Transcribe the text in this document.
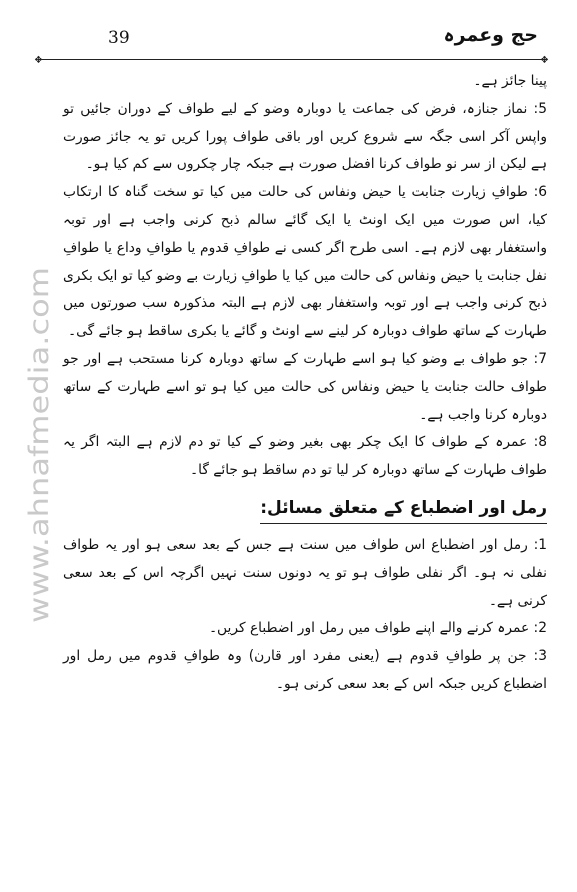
39	حج وعمرہ
❖	❖
www.ahnafmedia.com

پینا جائز ہے۔

5: نماز جنازہ، فرض کی جماعت یا دوبارہ وضو کے لیے طواف کے دوران جائیں تو واپس آکر اسی جگہ سے شروع کریں اور باقی طواف پورا کریں تو یہ جائز صورت ہے لیکن از سر نو طواف کرنا افضل صورت ہے جبکہ چار چکروں سے کم کیا ہو۔

6: طوافِ زیارت جنابت یا حیض ونفاس کی حالت میں کیا تو سخت گناہ کا ارتکاب کیا، اس صورت میں ایک اونٹ یا ایک گائے سالم ذبح کرنی واجب ہے اور توبہ واستغفار بھی لازم ہے۔ اسی طرح اگر کسی نے طوافِ قدوم یا طوافِ وداع یا طوافِ نفل جنابت یا حیض ونفاس کی حالت میں کیا یا طوافِ زیارت بے وضو کیا تو ایک بکری ذبح کرنی واجب ہے اور توبہ واستغفار بھی لازم ہے البتہ مذکورہ سب صورتوں میں طہارت کے ساتھ طواف دوبارہ کر لینے سے اونٹ و گائے یا بکری ساقط ہو جائے گی۔

7: جو طواف بے وضو کیا ہو اسے طہارت کے ساتھ دوبارہ کرنا مستحب ہے اور جو طواف حالت جنابت یا حیض ونفاس کی حالت میں کیا ہو تو اسے طہارت کے ساتھ دوبارہ کرنا واجب ہے۔

8: عمرہ کے طواف کا ایک چکر بھی بغیر وضو کے کیا تو دم لازم ہے البتہ اگر یہ طواف طہارت کے ساتھ دوبارہ کر لیا تو دم ساقط ہو جائے گا۔

رمل اور اضطباع کے متعلق مسائل:

1: رمل اور اضطباع اس طواف میں سنت ہے جس کے بعد سعی ہو اور یہ طواف نفلی نہ ہو۔ اگر نفلی طواف ہو تو یہ دونوں سنت نہیں اگرچہ اس کے بعد سعی کرنی ہے۔

2: عمرہ کرنے والے اپنے طواف میں رمل اور اضطباع کریں۔

3: جن پر طوافِ قدوم ہے (یعنی مفرد اور قارن) وہ طوافِ قدوم میں رمل اور اضطباع کریں جبکہ اس کے بعد سعی کرنی ہو۔
